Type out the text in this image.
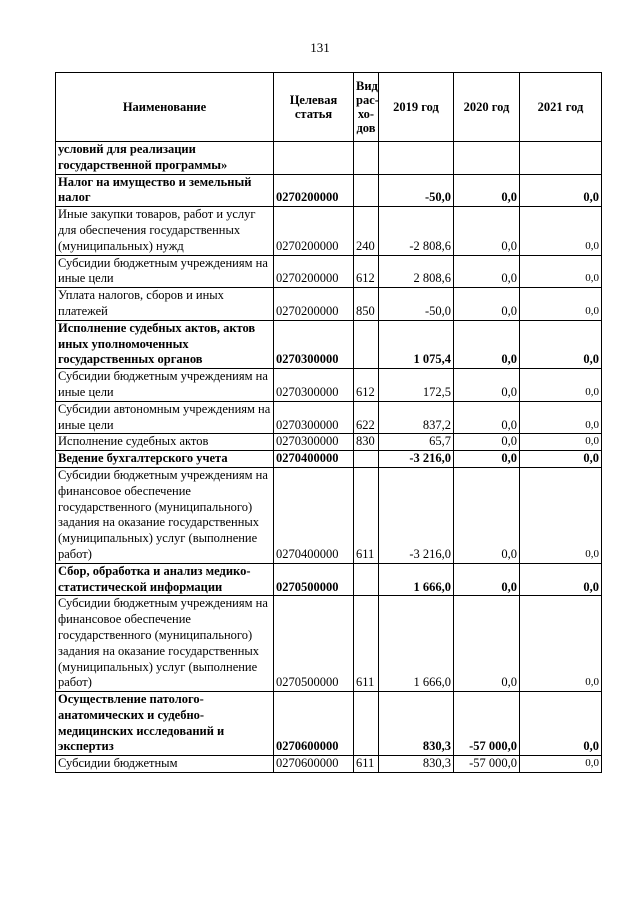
131
Наименование	Целевая статья	Вид рас- хо- дов	2019 год	2020 год	2021 год
условий для реализации государственной программы»					
Налог на имущество и земельный налог	0270200000		-50,0	0,0	0,0
Иные закупки товаров, работ и услуг для обеспечения государственных (муниципальных) нужд	0270200000	240	-2 808,6	0,0	0,0
Субсидии бюджетным учреждениям на иные цели	0270200000	612	2 808,6	0,0	0,0
Уплата налогов, сборов и иных платежей	0270200000	850	-50,0	0,0	0,0
Исполнение судебных актов, актов иных уполномоченных государственных органов	0270300000		1 075,4	0,0	0,0
Субсидии бюджетным учреждениям на иные цели	0270300000	612	172,5	0,0	0,0
Субсидии автономным учреждениям на иные цели	0270300000	622	837,2	0,0	0,0
Исполнение судебных актов	0270300000	830	65,7	0,0	0,0
Ведение бухгалтерского учета	0270400000		-3 216,0	0,0	0,0
Субсидии бюджетным учреждениям на финансовое обеспечение государственного (муниципального) задания на оказание государственных (муниципальных) услуг (выполнение работ)	0270400000	611	-3 216,0	0,0	0,0
Сбор, обработка и анализ медико-статистической информации	0270500000		1 666,0	0,0	0,0
Субсидии бюджетным учреждениям на финансовое обеспечение государственного (муниципального) задания на оказание государственных (муниципальных) услуг (выполнение работ)	0270500000	611	1 666,0	0,0	0,0
Осуществление патолого-анатомических и судебно-медицинских исследований и экспертиз	0270600000		830,3	-57 000,0	0,0
Субсидии бюджетным	0270600000	611	830,3	-57 000,0	0,0
